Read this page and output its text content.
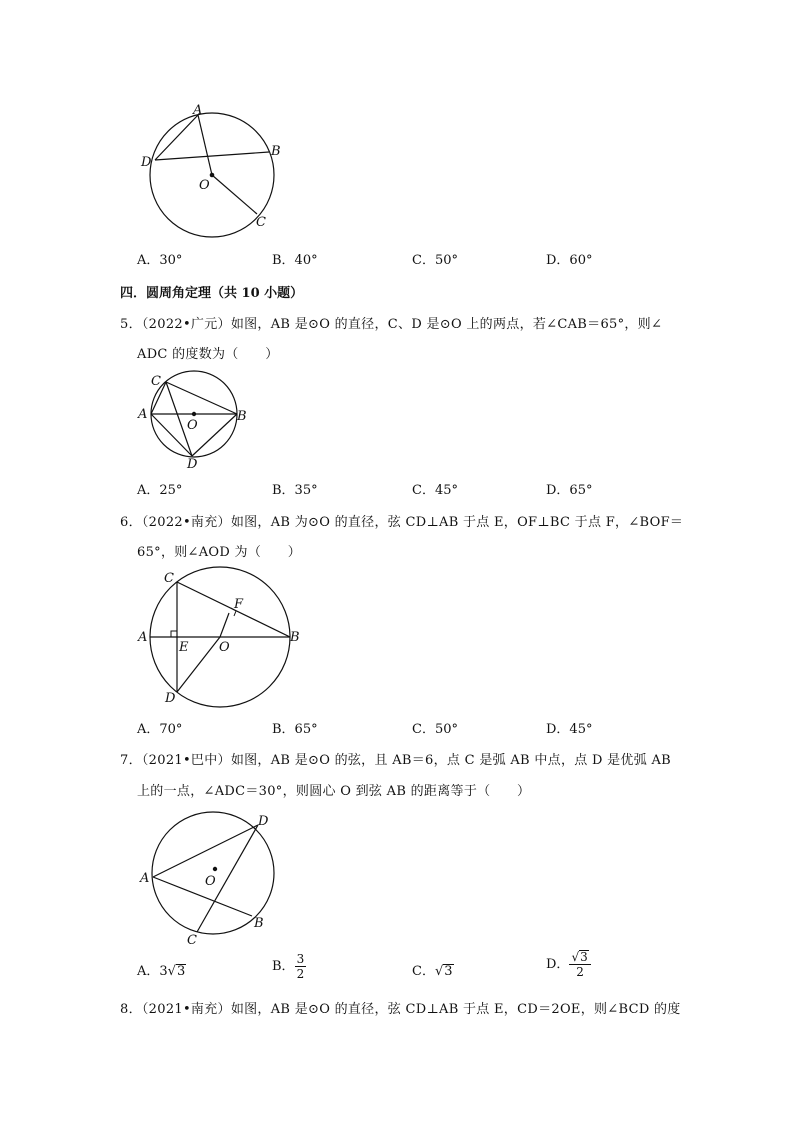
A
B
C
D
O
A．30°	B．40°	C．50°	D．60°
四．圆周角定理（共 10 小题）
5．（2022•广元）如图，AB 是⊙O 的直径，C、D 是⊙O 上的两点，若∠CAB＝65°，则∠
ADC 的度数为（　　）
A	B
C
D
O
A．25°	B．35°	C．45°	D．65°
6．（2022•南充）如图，AB 为⊙O 的直径，弦 CD⊥AB 于点 E，OF⊥BC 于点 F，∠BOF＝
65°，则∠AOD 为（　　）
A	B
C
D
E
F
O
A．70°	B．65°	C．50°	D．45°
7．（2021•巴中）如图，AB 是⊙O 的弦，且 AB＝6，点 C 是弧 AB 中点，点 D 是优弧 AB
上的一点，∠ADC＝30°，则圆心 O 到弦 AB 的距离等于（　　）
A
B
C
D
O
A．3√3	B． $\frac{3}{2}$	C．√3	D． $\frac{√3}{2}$
8．（2021•南充）如图，AB 是⊙O 的直径，弦 CD⊥AB 于点 E，CD＝2OE，则∠BCD 的度
